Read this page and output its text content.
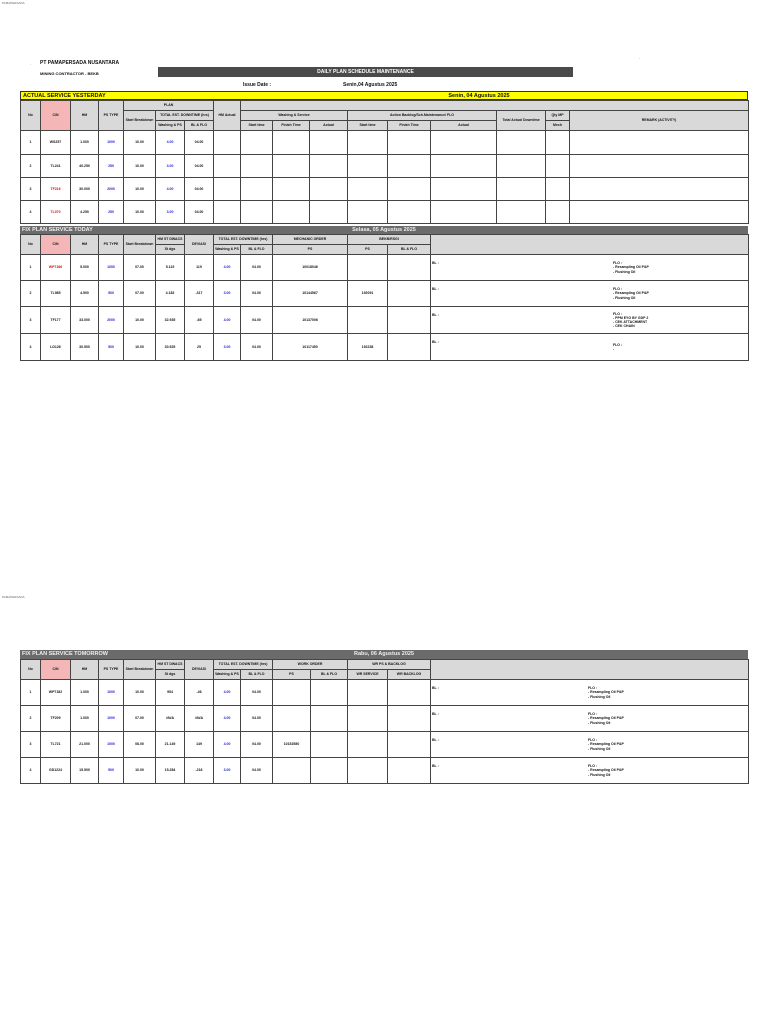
PAMAPERSADA
PAMAPERSADA
.
.
PT PAMAPERSADA NUSANTARA
MINING CONTRACTOR - BEKB	DAILY PLAN SCHEDULE MAINTENANCE
Issue Date :	Senin,04 Agustus 2025
ACTUAL SERVICE YESTERDAY	Senin, 04 Agustus 2025
No	C/N	HM	PS TYPE	PLAN			HM Actual									
				Start Breakdown	TOTAL EST. DOWNTIME (hrs)			Washing & Service			Action Backlog/Sch.Maintenance/ FLO			Total Actual Downtime	Qty MP	REMARK (ACTIVITY)
					Washing & PS	BL & FLO		Start time	Finish Time	Actual	Start time	Finish Time	Actual		Mech	
1	WS257	1.000	1000	10.00	4.00	04.00										
2	TL241	40.250	250	10.00	3.00	04.00										
3	TF216	30.000	2000	10.00	4.00	04.00										
4	TL070	4.250	250	10.00	3.00	04.00										
FIX PLAN SERVICE TODAY	Selasa, 05 Agustus 2025
No	C/N	HM	PS TYPE	Start Breakdown	HM ST DWACS	DEVIASI	TOTAL EST. DOWNTIME (hrs)		MECHANIC ORDER	BEKB/RSGI		
					St dgs		Washing & PS	BL & FLO	PS	PS	BL & FLO	
1	WP7166	5.000	1000	07.00	5.119	119	4.00	04.00	10018046			BL : FLO :
- Resampling Oil P&P
- Flushing Oil

2	TL985	4.500	500	07.00	4.183	-317	3.00	04.00	10144567	192091		BL : FLO :
- Resampling Oil P&P
- Flushing Oil

3	TF177	33.000	2000	10.00	32.935	-65	4.00	04.00	10137006			BL : FLO :
- PPM EYG BY GDP 2
- CEK ATTACHMENT
- CEK CHAIN

4	LD126	30.500	500	10.00	30.525	25	3.00	04.00	10117450	192238		BL :
FLO :
-
FIX PLAN SERVICE TOMORROW	Rabu, 06 Agustus 2025
No	C/N	HM	PS TYPE	Start Breakdown	HM ST DWACS	DEVIASI	TOTAL EST. DOWNTIME (hrs)		WORK ORDER		WR PS & BACKLOG		
					St dgs		Washing & PS	BL & FLO	PS	BL & FLO	WR SERVICE	WR BACKLOG	
1	WP7182	1.000	1000	10.00	954	-46	4.00	04.00					BL : FLO :
- Resampling Oil P&P
- Flushing Oil

2	TF209	1.000	1000	07.00	#N/A	#N/A	4.00	04.00					BL : FLO :
- Resampling Oil P&P
- Flushing Oil

3	TL721	21.000	1000	08.00	21.149	149	4.00	04.00	10152580				BL : FLO :
- Resampling Oil P&P
- Flushing Oil

4	GD1224	15.500	500	10.00	15.284	-216	3.00	04.00					BL : FLO :
- Resampling Oil P&P
- Flushing Oil
